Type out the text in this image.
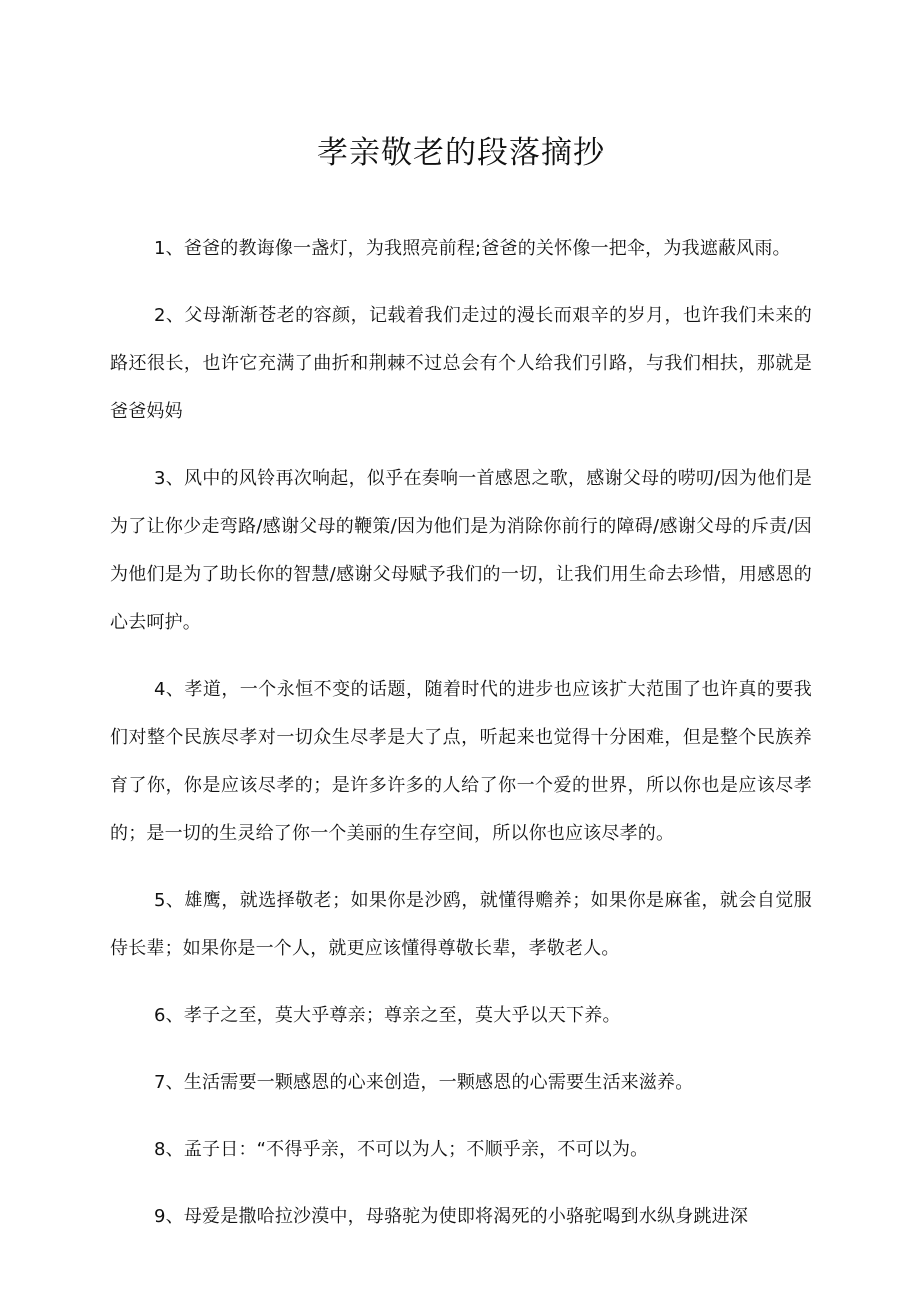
孝亲敬老的段落摘抄

1、爸爸的教诲像一盏灯，为我照亮前程;爸爸的关怀像一把伞，为我遮蔽风雨。

2、父母渐渐苍老的容颜，记载着我们走过的漫长而艰辛的岁月，也许我们未来的路还很长，也许它充满了曲折和荆棘不过总会有个人给我们引路，与我们相扶，那就是爸爸妈妈

3、风中的风铃再次响起，似乎在奏响一首感恩之歌，感谢父母的唠叨/因为他们是为了让你少走弯路/感谢父母的鞭策/因为他们是为消除你前行的障碍/感谢父母的斥责/因为他们是为了助长你的智慧/感谢父母赋予我们的一切，让我们用生命去珍惜，用感恩的心去呵护。

4、孝道，一个永恒不变的话题，随着时代的进步也应该扩大范围了也许真的要我们对整个民族尽孝对一切众生尽孝是大了点，听起来也觉得十分困难，但是整个民族养育了你，你是应该尽孝的；是许多许多的人给了你一个爱的世界，所以你也是应该尽孝的；是一切的生灵给了你一个美丽的生存空间，所以你也应该尽孝的。

5、雄鹰，就选择敬老；如果你是沙鸥，就懂得赡养；如果你是麻雀，就会自觉服侍长辈；如果你是一个人，就更应该懂得尊敬长辈，孝敬老人。

6、孝子之至，莫大乎尊亲；尊亲之至，莫大乎以天下养。

7、生活需要一颗感恩的心来创造，一颗感恩的心需要生活来滋养。

8、孟子日：“不得乎亲，不可以为人；不顺乎亲，不可以为。

9、母爱是撒哈拉沙漠中，母骆驼为使即将渴死的小骆驼喝到水纵身跳进深
